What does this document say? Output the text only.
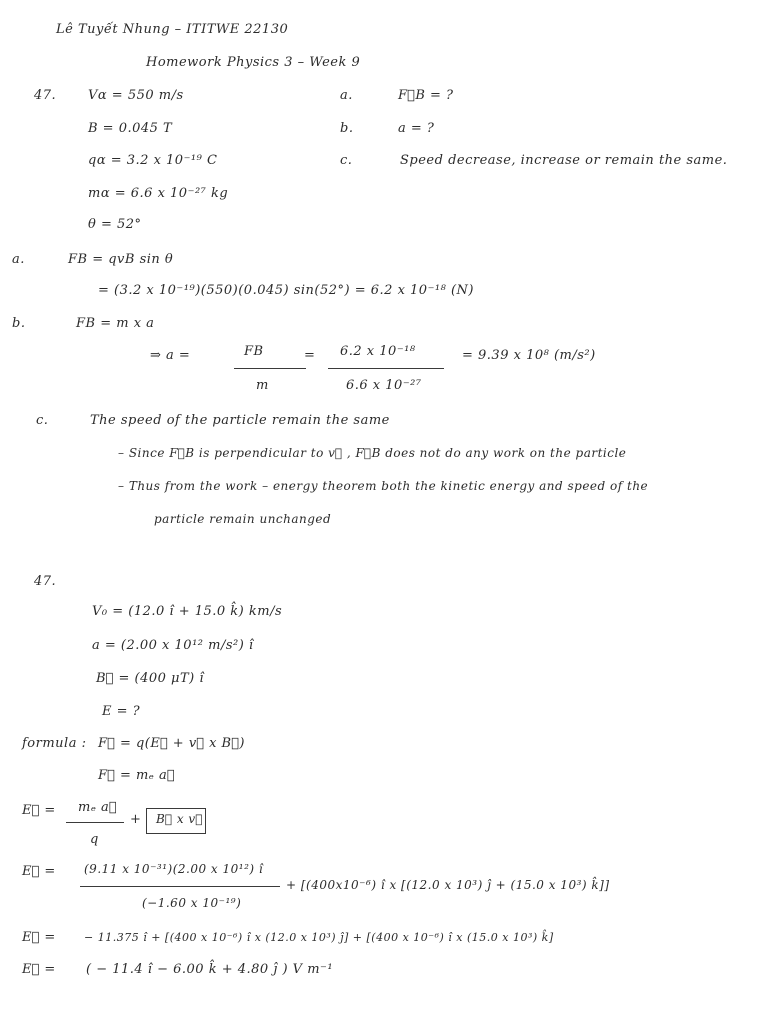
Lê Tuyết Nhung – ITITWE 22130
Homework Physics 3 – Week 9
47. Vα = 550 m/s
B = 0.045 T
qα = 3.2 x 10⁻¹⁹ C
mα = 6.6 x 10⁻²⁷ kg
θ = 52°
a.	F⃗B = ?
b.	a = ?
c.	Speed decrease, increase or remain the same.
a.	FB = qvB sin θ
= (3.2 x 10⁻¹⁹)(550)(0.045) sin(52°) = 6.2 x 10⁻¹⁸ (N)
b.	FB = m x a
⇒ a =	FB
m
= 6.2 x 10⁻¹⁸
6.6 x 10⁻²⁷
= 9.39 x 10⁸ (m/s²)
c.	The speed of the particle remain the same
– Since F⃗B is perpendicular to v⃗ , F⃗B does not do any work on the particle
– Thus from the work – energy theorem both the kinetic energy and speed of the
particle remain unchanged
47.
V₀ = (12.0 î + 15.0 k̂) km/s
a = (2.00 x 10¹² m/s²) î
B⃗ = (400 μT) î
E = ?
formula : F⃗ = q(E⃗ + v⃗ x B⃗)
F⃗ = mₑ a⃗
E⃗ = mₑ a⃗
q
+ B⃗ x v⃗
E⃗ = (9.11 x 10⁻³¹)(2.00 x 10¹²) î
(−1.60 x 10⁻¹⁹)
+ [(400x10⁻⁶) î x [(12.0 x 10³) ĵ + (15.0 x 10³) k̂]]
E⃗ =	− 11.375 î + [(400 x 10⁻⁶) î x (12.0 x 10³) ĵ] + [(400 x 10⁻⁶) î x (15.0 x 10³) k̂]
E⃗ = ( − 11.4 î − 6.00 k̂ + 4.80 ĵ ) V m⁻¹
